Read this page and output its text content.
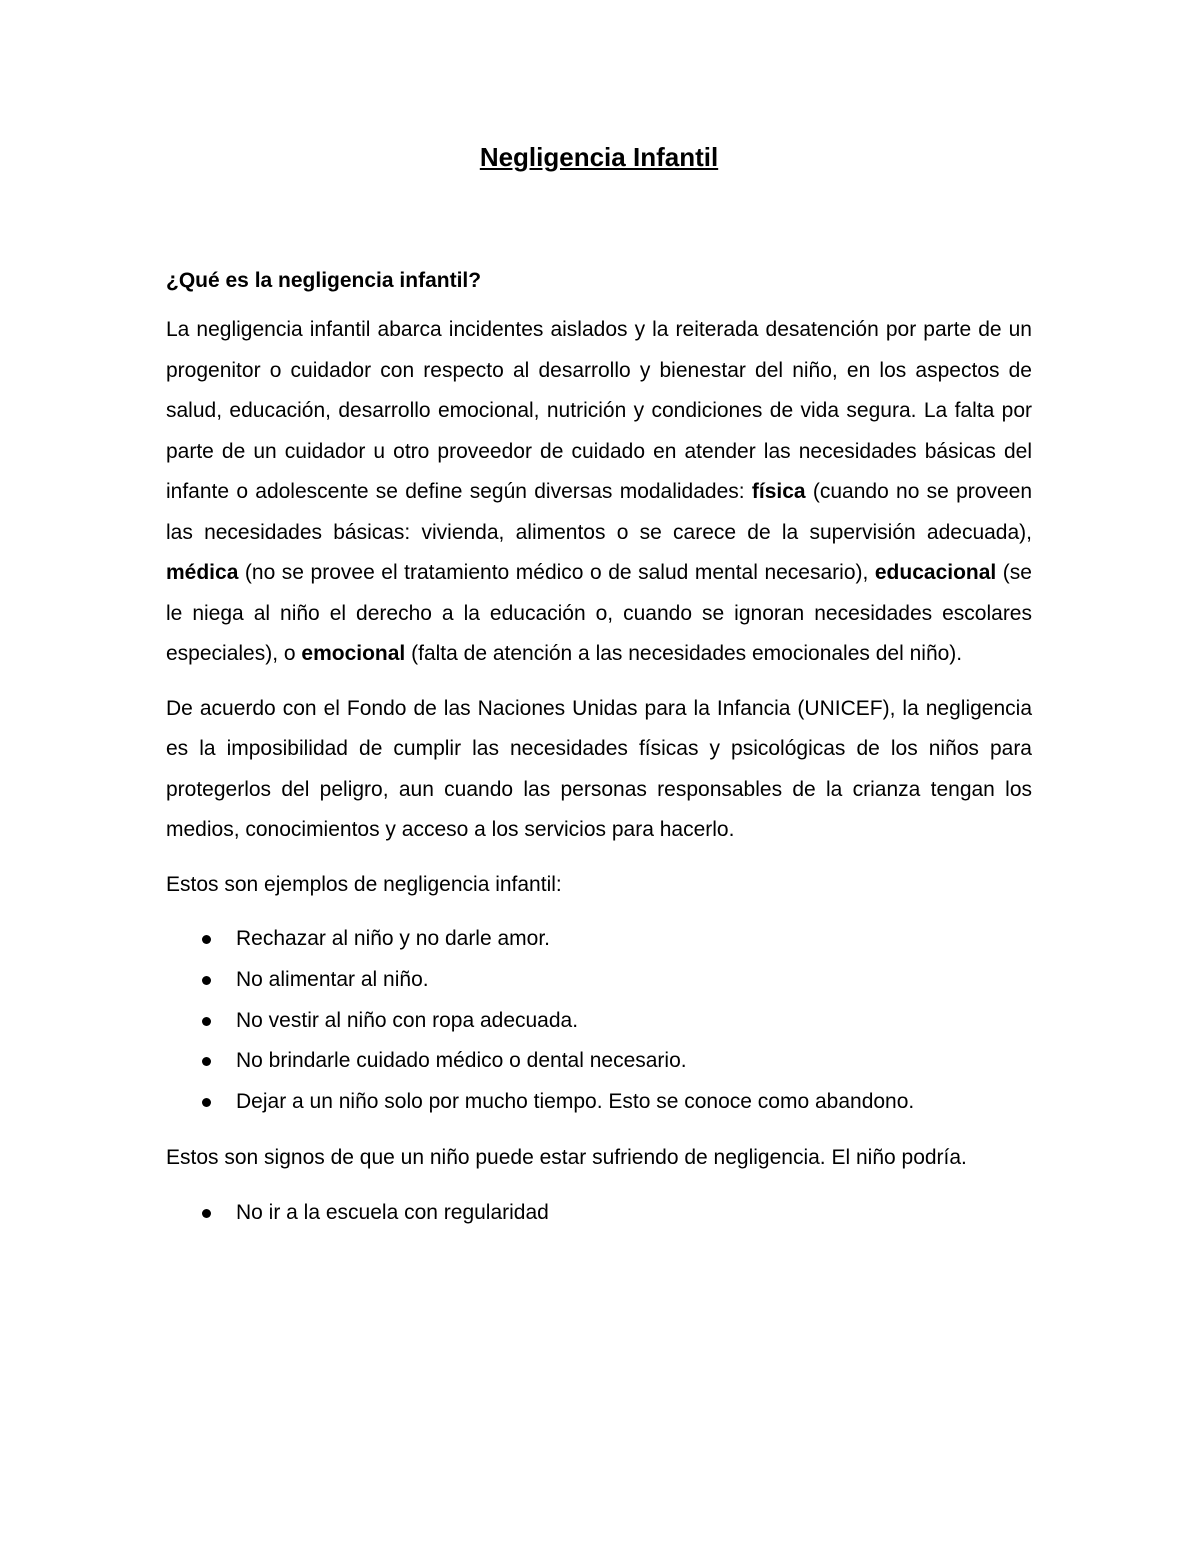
Negligencia Infantil
¿Qué es la negligencia infantil?

La negligencia infantil abarca incidentes aislados y la reiterada desatención por parte de un progenitor o cuidador con respecto al desarrollo y bienestar del niño, en los aspectos de salud, educación, desarrollo emocional, nutrición y condiciones de vida segura. La falta por parte de un cuidador u otro proveedor de cuidado en atender las necesidades básicas del infante o adolescente se define según diversas modalidades: física (cuando no se proveen las necesidades básicas: vivienda, alimentos o se carece de la supervisión adecuada), médica (no se provee el tratamiento médico o de salud mental necesario), educacional (se le niega al niño el derecho a la educación o, cuando se ignoran necesidades escolares especiales), o emocional (falta de atención a las necesidades emocionales del niño).

De acuerdo con el Fondo de las Naciones Unidas para la Infancia (UNICEF), la negligencia es la imposibilidad de cumplir las necesidades físicas y psicológicas de los niños para protegerlos del peligro, aun cuando las personas responsables de la crianza tengan los medios, conocimientos y acceso a los servicios para hacerlo.

Estos son ejemplos de negligencia infantil:

Rechazar al niño y no darle amor.
No alimentar al niño.
No vestir al niño con ropa adecuada.
No brindarle cuidado médico o dental necesario.
Dejar a un niño solo por mucho tiempo. Esto se conoce como abandono.

Estos son signos de que un niño puede estar sufriendo de negligencia. El niño podría.

No ir a la escuela con regularidad
